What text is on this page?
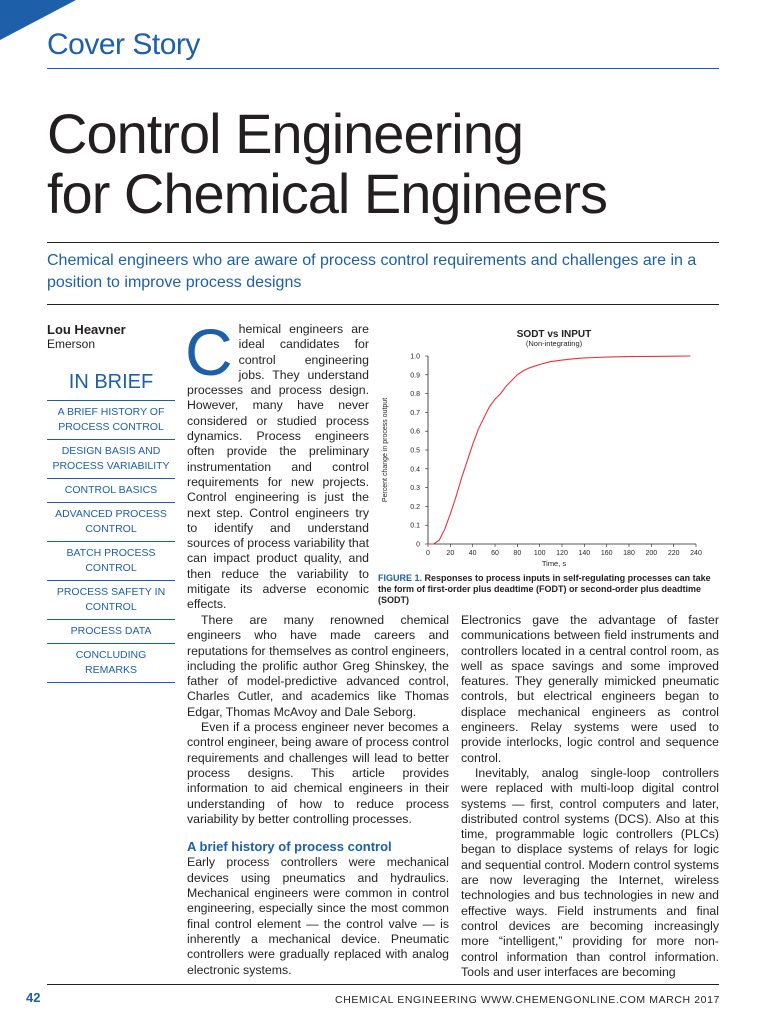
Cover Story
Control Engineering
for Chemical Engineers
Chemical engineers who are aware of process control requirements and challenges are in a position to improve process designs
Lou Heavner
Emerson
IN BRIEF
A BRIEF HISTORY OF PROCESS CONTROL
DESIGN BASIS AND PROCESS VARIABILITY
CONTROL BASICS
ADVANCED PROCESS CONTROL
BATCH PROCESS CONTROL
PROCESS SAFETY IN CONTROL
PROCESS DATA
CONCLUDING REMARKS
C hemical engineers are ideal candidates for control engineering jobs. They understand processes and process design. However, many have never considered or studied process dynamics. Process engineers often provide the preliminary instrumentation and control requirements for new projects. Control engineering is just the next step. Control engineers try to identify and understand sources of process variability that can impact product quality, and then reduce the variability to mitigate its adverse economic effects.

There are many renowned chemical engineers who have made careers and reputations for themselves as control engineers, including the prolific author Greg Shinskey, the father of model-predictive advanced control, Charles Cutler, and academics like Thomas Edgar, Thomas McAvoy and Dale Seborg.

Even if a process engineer never becomes a control engineer, being aware of process control requirements and challenges will lead to better process designs. This article provides information to aid chemical engineers in their understanding of how to reduce process variability by better controlling processes.

A brief history of process control

Early process controllers were mechanical devices using pneumatics and hydraulics. Mechanical engineers were common in control engineering, especially since the most common final control element — the control valve — is inherently a mechanical device. Pneumatic controllers were gradually replaced with analog electronic systems.

Electronics gave the advantage of faster communications between field instruments and controllers located in a central control room, as well as space savings and some improved features. They generally mimicked pneumatic controls, but electrical engineers began to displace mechanical engineers as control engineers. Relay systems were used to provide interlocks, logic control and sequence control.

Inevitably, analog single-loop controllers were replaced with multi-loop digital control systems — first, control computers and later, distributed control systems (DCS). Also at this time, programmable logic controllers (PLCs) began to displace systems of relays for logic and sequential control. Modern control systems are now leveraging the Internet, wireless technologies and bus technologies in new and effective ways. Field instruments and final control devices are becoming increasingly more “intelligent,” providing for more non-control information than control information. Tools and user interfaces are becoming

SODT vs INPUT
(Non-integrating)
Percent change in process output
Time, s
0
0.1
0.2
0.3
0.4
0.5
0.6
0.7
0.8
0.9
1.0
0 20 40 60 80 100 120 140 160 180 200 220 240
FIGURE 1. Responses to process inputs in self-regulating processes can take the form of first-order plus deadtime (FODT) or second-order plus deadtime (SODT)
42	CHEMICAL ENGINEERING WWW.CHEMENGONLINE.COM MARCH 2017
